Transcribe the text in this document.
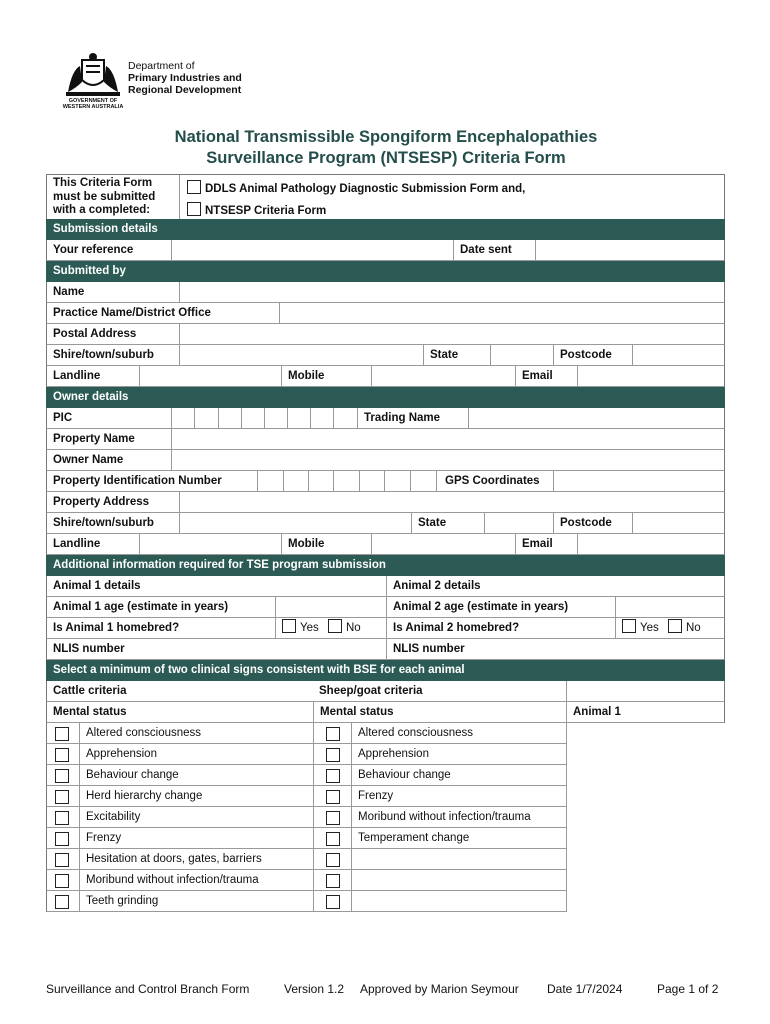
GOVERNMENT OF
WESTERN AUSTRALIA
Department of
Primary Industries and
Regional Development
National Transmissible Spongiform Encephalopathies
Surveillance Program (NTSESP) Criteria Form
This Criteria Form
must be submitted
with a completed:
DDLS Animal Pathology Diagnostic Submission Form and,
NTSESP Criteria Form
Submission details
Your reference	Date sent
Submitted by
Name
Practice Name/District Office
Postal Address
Shire/town/suburb	State	Postcode
Landline	Mobile	Email
Owner details
PIC	Trading Name
Property Name
Owner Name
Property Identification Number	GPS Coordinates
Property Address
Shire/town/suburb	State	Postcode
Landline	Mobile	Email
Additional information required for TSE program submission
Animal 1 details	Animal 2 details
Animal 1 age (estimate in years)	Animal 2 age (estimate in years)
Is Animal 1 homebred?	Yes No	Is Animal 2 homebred?	Yes No
NLIS number	NLIS number
Select a minimum of two clinical signs consistent with BSE for each animal
Cattle criteria	Sheep/goat criteria
Mental status	Mental status	Animal 1
Altered consciousness	Altered consciousness
Apprehension	Apprehension
Behaviour change	Behaviour change
Herd hierarchy change	Frenzy
Excitability	Moribund without infection/trauma
Frenzy	Temperament change
Hesitation at doors, gates, barriers
Moribund without infection/trauma
Teeth grinding
Surveillance and Control Branch Form	Version 1.2 Approved by Marion Seymour Date 1/7/2024	Page 1 of 2
